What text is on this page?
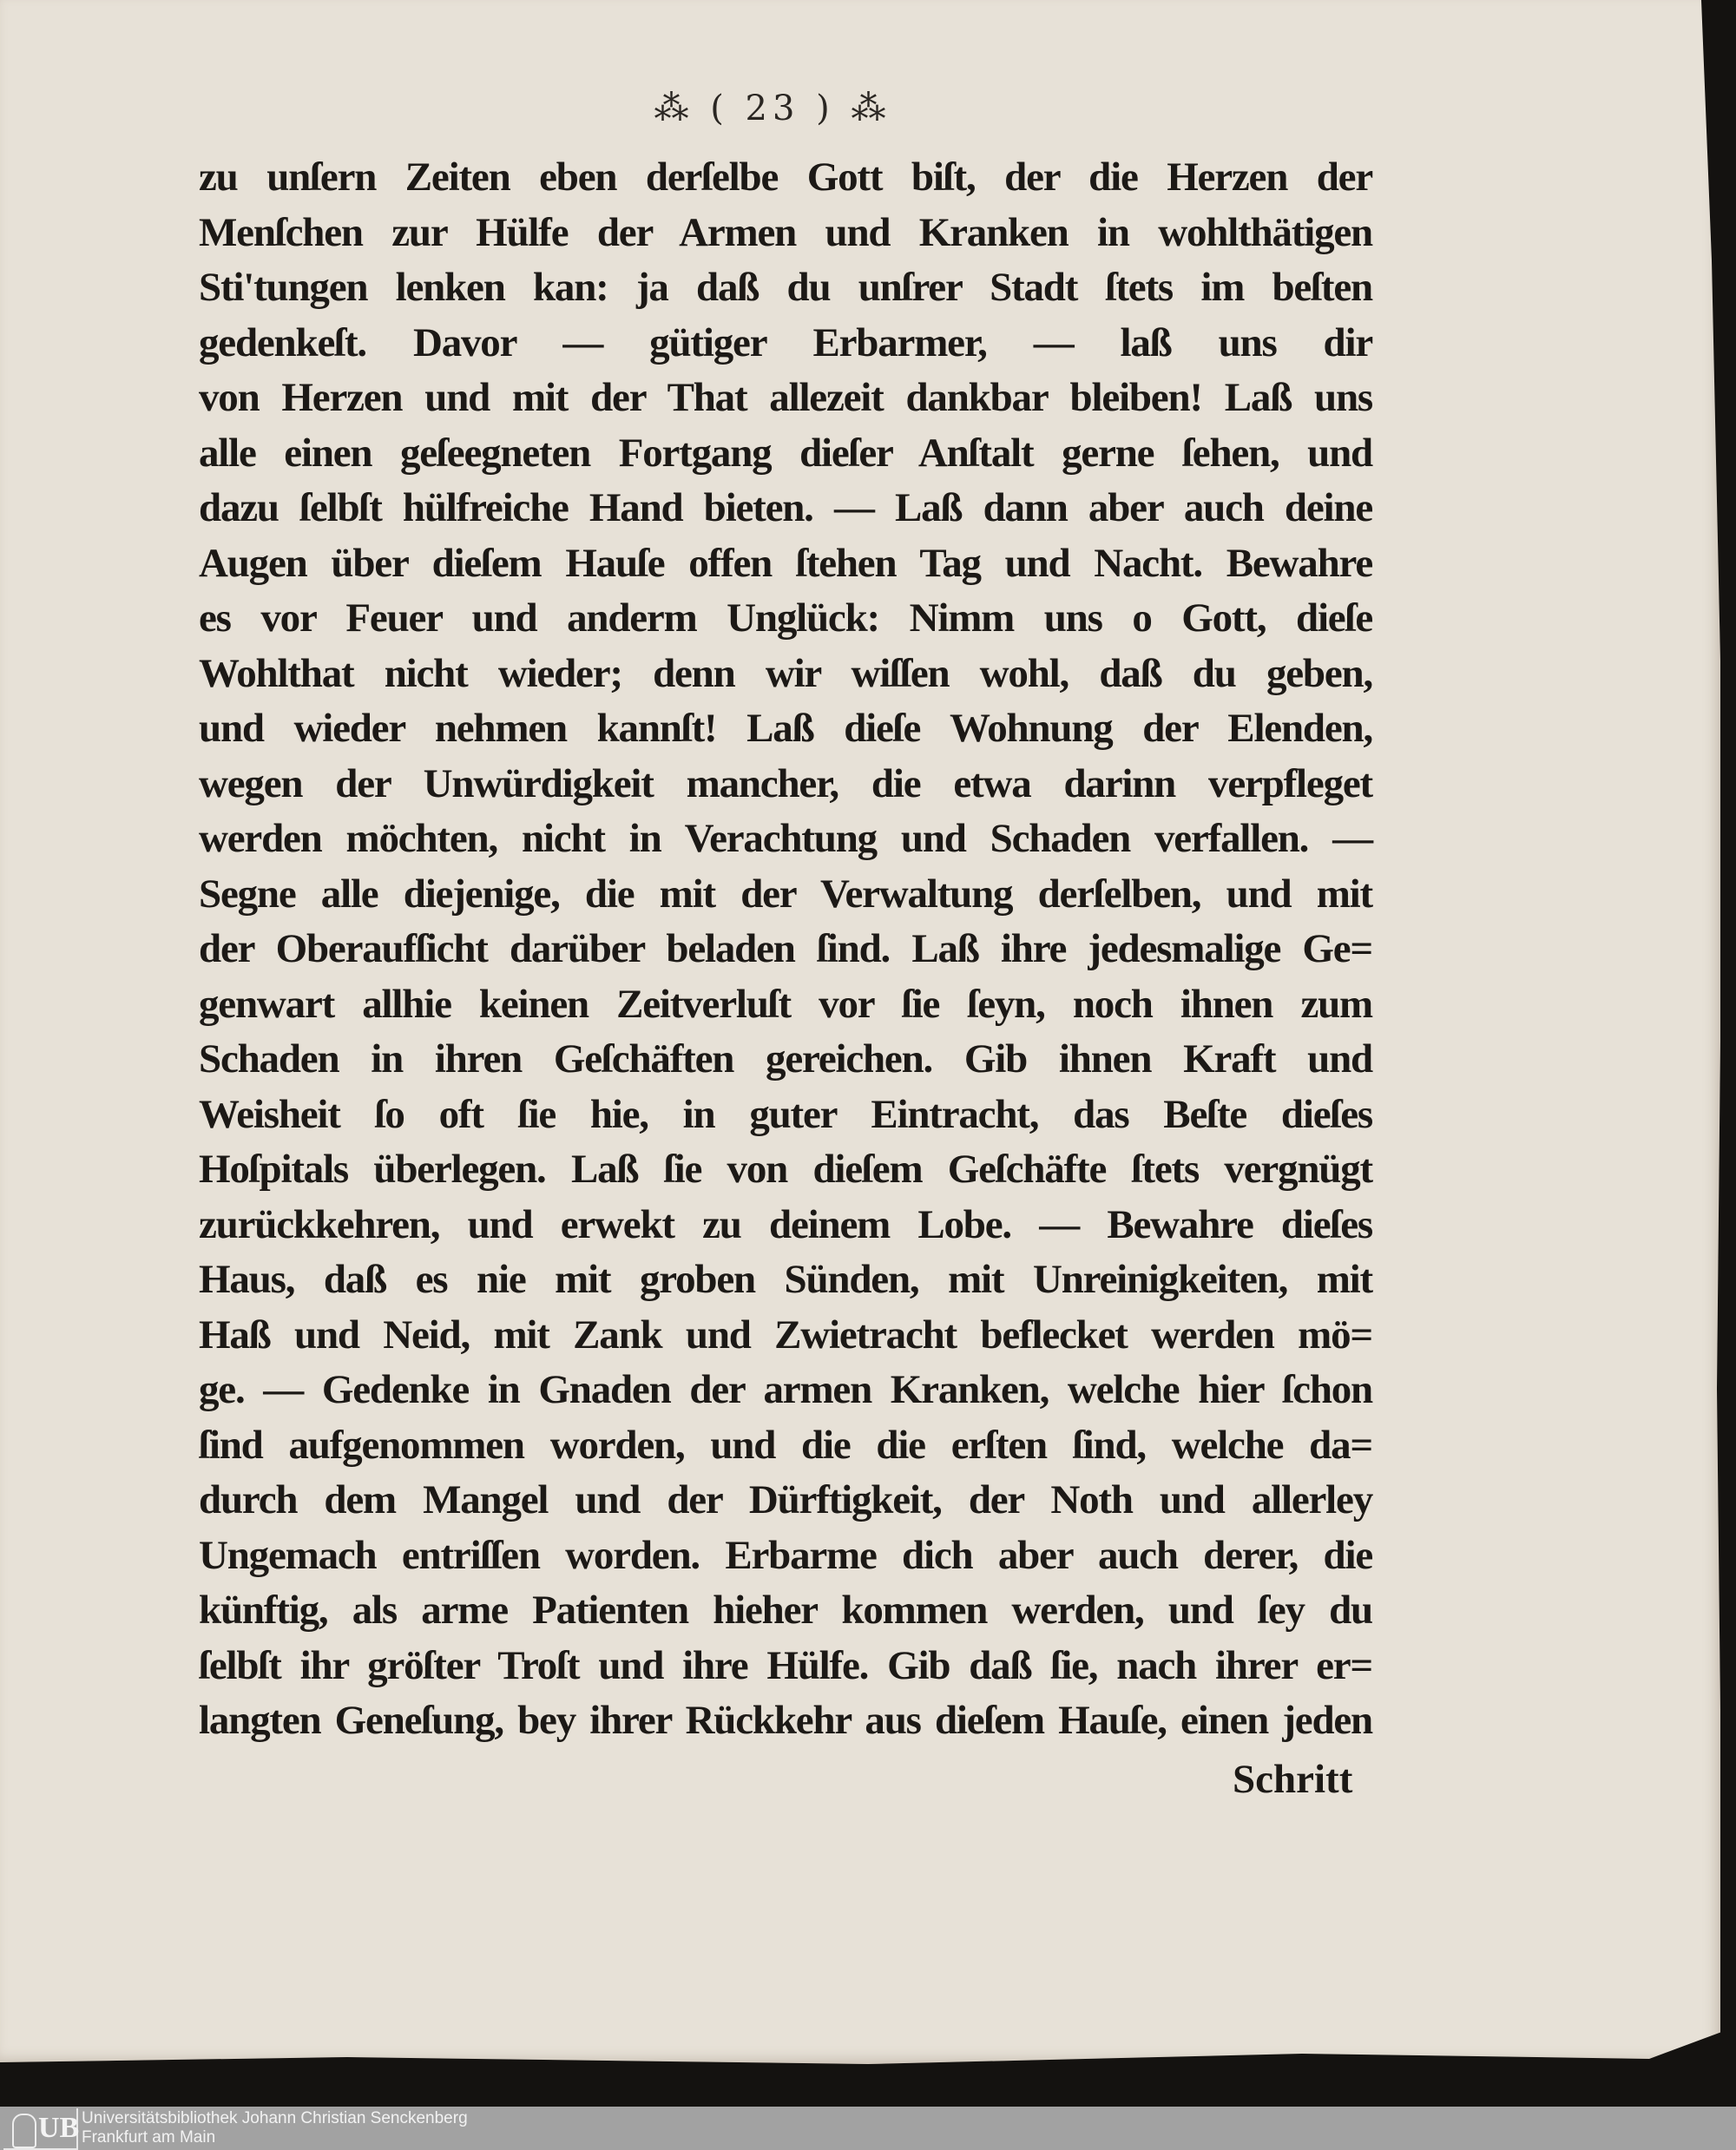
⁂ ( 23 ) ⁂
zu unſern Zeiten eben derſelbe Gott biſt, der die Herzen der
Menſchen zur Hülfe der Armen und Kranken in wohlthätigen
Sti'tungen lenken kan: ja daß du unſrer Stadt ſtets im beſten
gedenkeſt. Davor — gütiger Erbarmer, — laß uns dir
von Herzen und mit der That allezeit dankbar bleiben! Laß uns
alle einen geſeegneten Fortgang dieſer Anſtalt gerne ſehen, und
dazu ſelbſt hülfreiche Hand bieten. — Laß dann aber auch deine
Augen über dieſem Hauſe offen ſtehen Tag und Nacht. Bewahre
es vor Feuer und anderm Unglück: Nimm uns o Gott, dieſe
Wohlthat nicht wieder; denn wir wiſſen wohl, daß du geben,
und wieder nehmen kannſt! Laß dieſe Wohnung der Elenden,
wegen der Unwürdigkeit mancher, die etwa darinn verpfleget
werden möchten, nicht in Verachtung und Schaden verfallen. —
Segne alle diejenige, die mit der Verwaltung derſelben, und mit
der Oberaufſicht darüber beladen ſind. Laß ihre jedesmalige Ge=
genwart allhie keinen Zeitverluſt vor ſie ſeyn, noch ihnen zum
Schaden in ihren Geſchäften gereichen. Gib ihnen Kraft und
Weisheit ſo oft ſie hie, in guter Eintracht, das Beſte dieſes
Hoſpitals überlegen. Laß ſie von dieſem Geſchäfte ſtets vergnügt
zurückkehren, und erwekt zu deinem Lobe. — Bewahre dieſes
Haus, daß es nie mit groben Sünden, mit Unreinigkeiten, mit
Haß und Neid, mit Zank und Zwietracht beflecket werden mö=
ge. — Gedenke in Gnaden der armen Kranken, welche hier ſchon
ſind aufgenommen worden, und die die erſten ſind, welche da=
durch dem Mangel und der Dürftigkeit, der Noth und allerley
Ungemach entriſſen worden. Erbarme dich aber auch derer, die
künftig, als arme Patienten hieher kommen werden, und ſey du
ſelbſt ihr gröſter Troſt und ihre Hülfe. Gib daß ſie, nach ihrer er=
langten Geneſung, bey ihrer Rückkehr aus dieſem Hauſe, einen jeden
Schritt
UB Universitätsbibliothek Johann Christian Senckenberg
Frankfurt am Main
